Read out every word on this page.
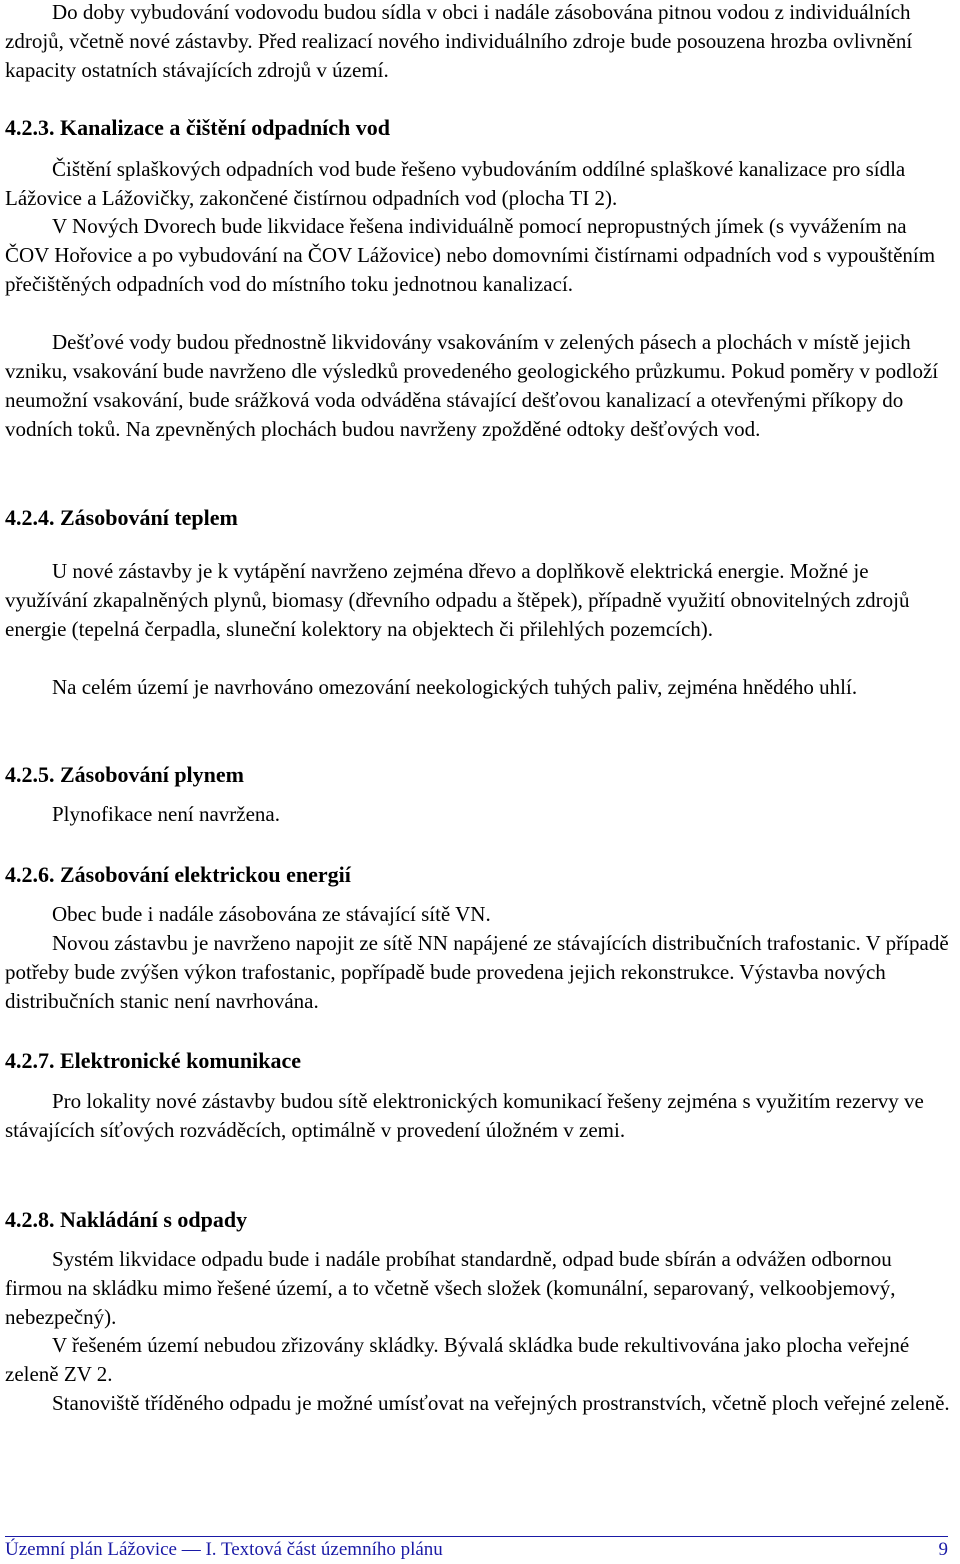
Do doby vybudování vodovodu budou sídla v obci i nadále zásobována pitnou vodou z individuálních zdrojů, včetně nové zástavby. Před realizací nového individuálního zdroje bude posouzena hrozba ovlivnění kapacity ostatních stávajících zdrojů v území.

4.2.3. Kanalizace a čištění odpadních vod

Čištění splaškových odpadních vod bude řešeno vybudováním oddílné splaškové kanalizace pro sídla Lážovice a Lážovičky, zakončené čistírnou odpadních vod (plocha TI 2).

V Nových Dvorech bude likvidace řešena individuálně pomocí nepropustných jímek (s vyvážením na ČOV Hořovice a po vybudování na ČOV Lážovice) nebo domovními čistírnami odpadních vod s vypouštěním přečištěných odpadních vod do místního toku jednotnou kanalizací.

Dešťové vody budou přednostně likvidovány vsakováním v zelených pásech a plochách v místě jejich vzniku, vsakování bude navrženo dle výsledků provedeného geologického průzkumu. Pokud poměry v podloží neumožní vsakování, bude srážková voda odváděna stávající dešťovou kanalizací a otevřenými příkopy do vodních toků. Na zpevněných plochách budou navrženy zpožděné odtoky dešťových vod.

4.2.4. Zásobování teplem

U nové zástavby je k vytápění navrženo zejména dřevo a doplňkově elektrická energie. Možné je využívání zkapalněných plynů, biomasy (dřevního odpadu a štěpek), případně využití obnovitelných zdrojů energie (tepelná čerpadla, sluneční kolektory na objektech či přilehlých pozemcích).

Na celém území je navrhováno omezování neekologických tuhých paliv, zejména hnědého uhlí.

4.2.5. Zásobování plynem

Plynofikace není navržena.

4.2.6. Zásobování elektrickou energií

Obec bude i nadále zásobována ze stávající sítě VN.

Novou zástavbu je navrženo napojit ze sítě NN napájené ze stávajících distribučních trafostanic. V případě potřeby bude zvýšen výkon trafostanic, popřípadě bude provedena jejich rekonstrukce. Výstavba nových distribučních stanic není navrhována.

4.2.7. Elektronické komunikace

Pro lokality nové zástavby budou sítě elektronických komunikací řešeny zejména s využitím rezervy ve stávajících síťových rozváděcích, optimálně v provedení úložném v zemi.

4.2.8. Nakládání s odpady

Systém likvidace odpadu bude i nadále probíhat standardně, odpad bude sbírán a odvážen odbornou firmou na skládku mimo řešené území, a to včetně všech složek (komunální, separovaný, velkoobjemový, nebezpečný).

V řešeném území nebudou zřizovány skládky. Bývalá skládka bude rekultivována jako plocha veřejné zeleně ZV 2.

Stanoviště tříděného odpadu je možné umísťovat na veřejných prostranstvích, včetně ploch veřejné zeleně.

Územní plán Lážovice — I. Textová část územního plánu	9
